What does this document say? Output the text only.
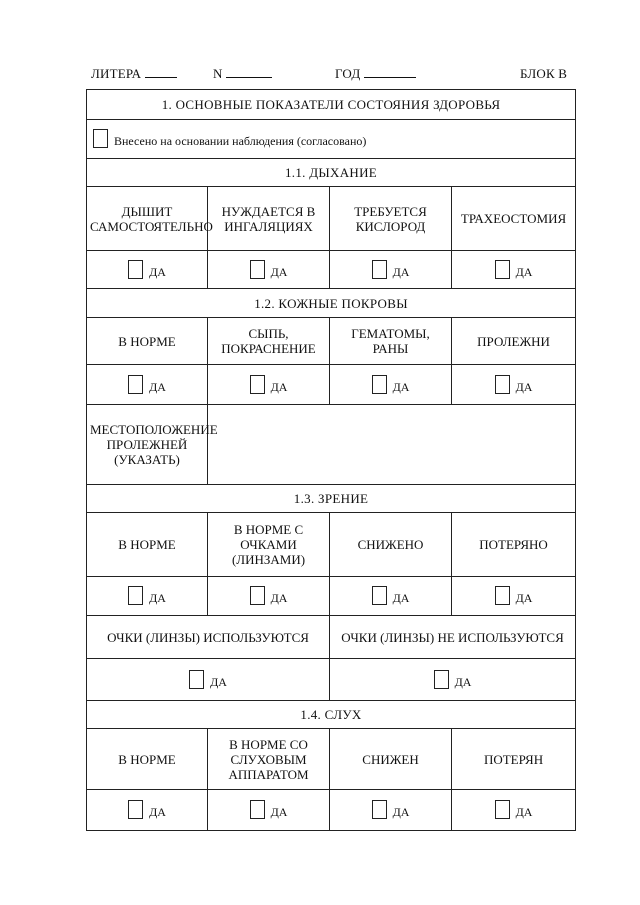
ЛИТЕРА	N	ГОД	БЛОК В
1. ОСНОВНЫЕ ПОКАЗАТЕЛИ СОСТОЯНИЯ ЗДОРОВЬЯ			
Внесено на основании наблюдения (согласовано)			
1.1. ДЫХАНИЕ			
ДЫШИТ САМОСТОЯТЕЛЬНО	НУЖДАЕТСЯ В ИНГАЛЯЦИЯХ	ТРЕБУЕТСЯ КИСЛОРОД	ТРАХЕОСТОМИЯ
ДА	ДА	ДА	ДА
1.2. КОЖНЫЕ ПОКРОВЫ			
В НОРМЕ	СЫПЬ, ПОКРАСНЕНИЕ	ГЕМАТОМЫ, РАНЫ	ПРОЛЕЖНИ
ДА	ДА	ДА	ДА
МЕСТОПОЛОЖЕНИЕ ПРОЛЕЖНЕЙ (УКАЗАТЬ)			
1.3. ЗРЕНИЕ			
В НОРМЕ	В НОРМЕ С ОЧКАМИ (ЛИНЗАМИ)	СНИЖЕНО	ПОТЕРЯНО
ДА	ДА	ДА	ДА
ОЧКИ (ЛИНЗЫ) ИСПОЛЬЗУЮТСЯ		ОЧКИ (ЛИНЗЫ) НЕ ИСПОЛЬЗУЮТСЯ	
ДА		ДА	
1.4. СЛУХ			
В НОРМЕ	В НОРМЕ СО СЛУХОВЫМ АППАРАТОМ	СНИЖЕН	ПОТЕРЯН
ДА	ДА	ДА	ДА
